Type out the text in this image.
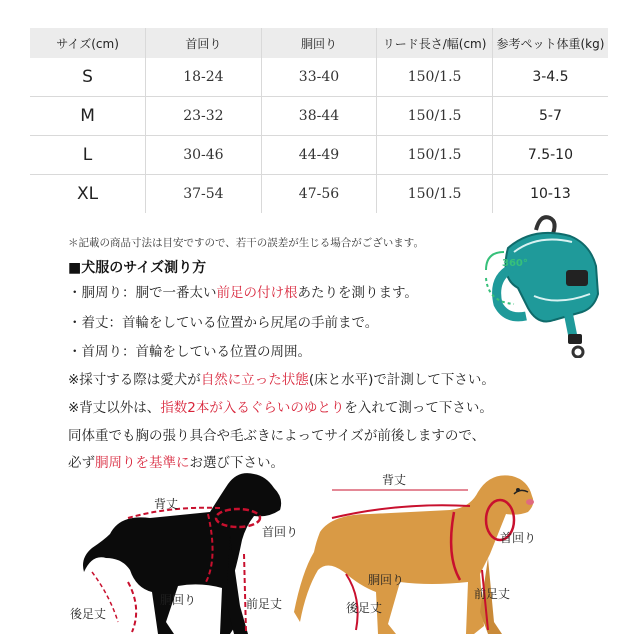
サイズ(cm)	首回り	胴回り	リード長さ/幅(cm)	参考ペット体重(kg)
S	18-24	33-40	150/1.5	3-4.5
M	23-32	38-44	150/1.5	5-7
L	30-46	44-49	150/1.5	7.5-10
XL	37-54	47-56	150/1.5	10-13
＊記載の商品寸法は目安ですので、若干の誤差が生じる場合がございます。
■犬服のサイズ測り方
・胴周り：胴で一番太い前足の付け根あたりを測ります。
・着丈：首輪をしている位置から尻尾の手前まで。
・首周り：首輪をしている位置の周囲。
※採寸する際は愛犬が自然に立った状態(床と水平)で計測して下さい。
※背丈以外は、指数2本が入るぐらいのゆとりを入れて測って下さい。
同体重でも胸の張り具合や毛ぶきによってサイズが前後しますので、
必ず胴周りを基準にお選び下さい。
360°
背丈
首回り
胴回り	前足丈
後足丈
背丈
首回り
胴回り
後足丈
前足丈
